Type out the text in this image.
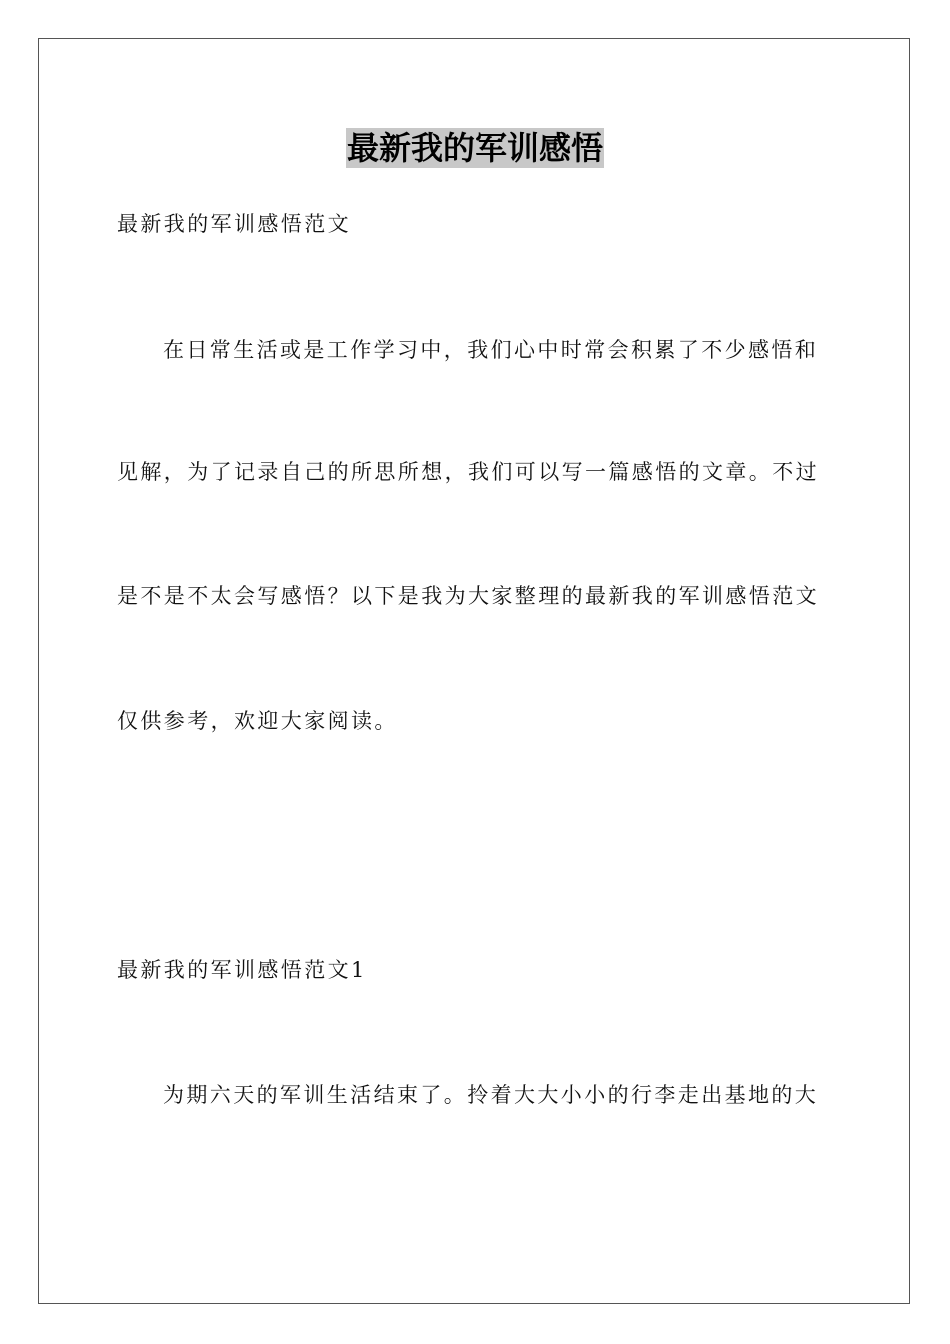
最新我的军训感悟
最新我的军训感悟范文
在日常生活或是工作学习中，我们心中时常会积累了不少感悟和
见解，为了记录自己的所思所想，我们可以写一篇感悟的文章。不过
是不是不太会写感悟？以下是我为大家整理的最新我的军训感悟范文
仅供参考，欢迎大家阅读。
最新我的军训感悟范文1
为期六天的军训生活结束了。拎着大大小小的行李走出基地的大
